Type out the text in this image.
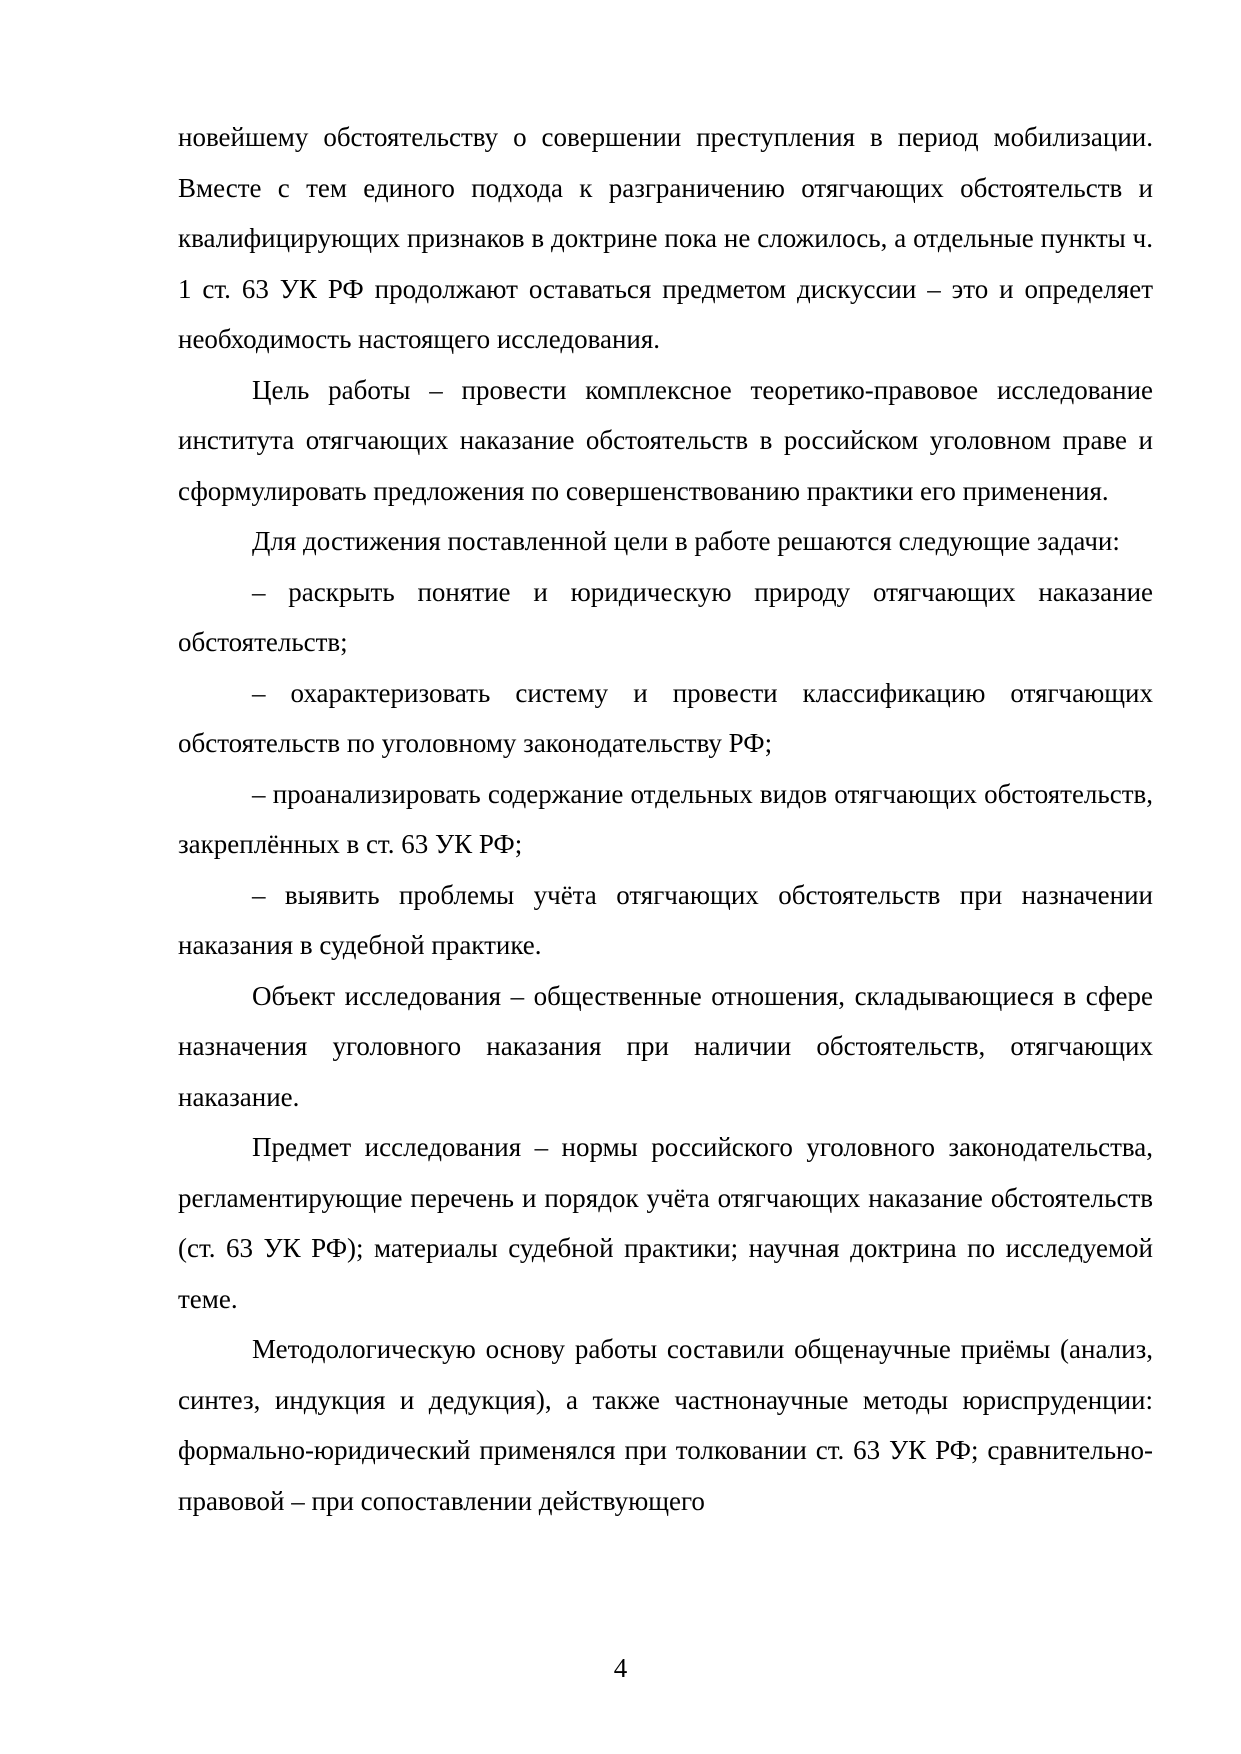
новейшему обстоятельству о совершении преступления в период мобилизации. Вместе с тем единого подхода к разграничению отягчающих обстоятельств и квалифицирующих признаков в доктрине пока не сложилось, а отдельные пункты ч. 1 ст. 63 УК РФ продолжают оставаться предметом дискуссии – это и определяет необходимость настоящего исследования.

Цель работы – провести комплексное теоретико-правовое исследование института отягчающих наказание обстоятельств в российском уголовном праве и сформулировать предложения по совершенствованию практики его применения.

Для достижения поставленной цели в работе решаются следующие задачи:

– раскрыть понятие и юридическую природу отягчающих наказание обстоятельств;

– охарактеризовать систему и провести классификацию отягчающих обстоятельств по уголовному законодательству РФ;

– проанализировать содержание отдельных видов отягчающих обстоятельств, закреплённых в ст. 63 УК РФ;

– выявить проблемы учёта отягчающих обстоятельств при назначении наказания в судебной практике.

Объект исследования – общественные отношения, складывающиеся в сфере назначения уголовного наказания при наличии обстоятельств, отягчающих наказание.

Предмет исследования – нормы российского уголовного законодательства, регламентирующие перечень и порядок учёта отягчающих наказание обстоятельств (ст. 63 УК РФ); материалы судебной практики; научная доктрина по исследуемой теме.

Методологическую основу работы составили общенаучные приёмы (анализ, синтез, индукция и дедукция), а также частнонаучные методы юриспруденции: формально-юридический применялся при толковании ст. 63 УК РФ; сравнительно-правовой – при сопоставлении действующего

4
